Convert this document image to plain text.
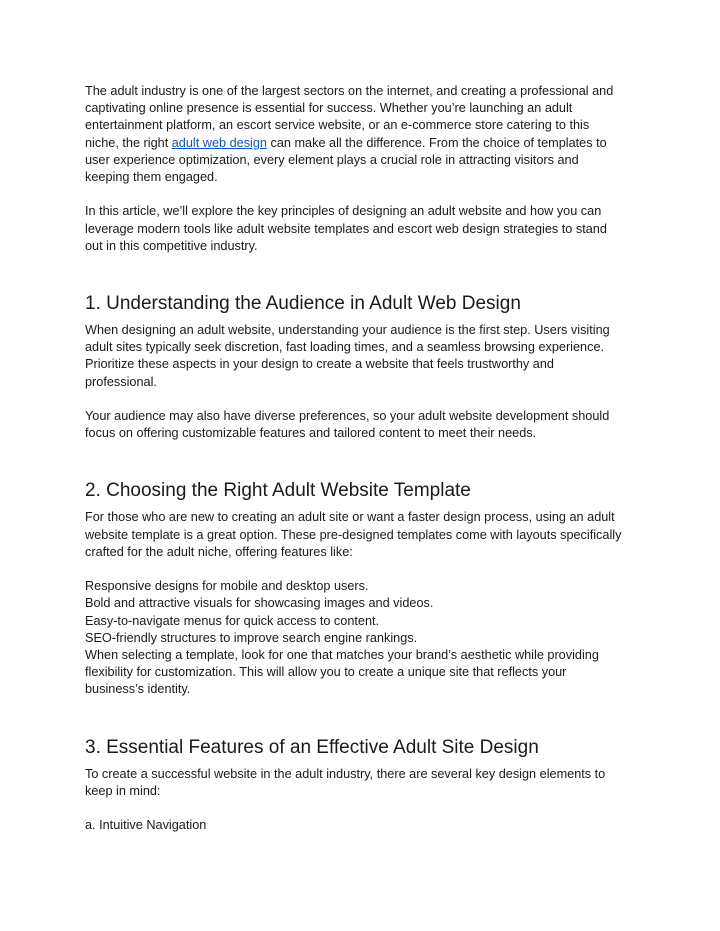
The adult industry is one of the largest sectors on the internet, and creating a professional and
captivating online presence is essential for success. Whether you’re launching an adult
entertainment platform, an escort service website, or an e-commerce store catering to this
niche, the right adult web design can make all the difference. From the choice of templates to
user experience optimization, every element plays a crucial role in attracting visitors and
keeping them engaged.
In this article, we’ll explore the key principles of designing an adult website and how you can
leverage modern tools like adult website templates and escort web design strategies to stand
out in this competitive industry.
1. Understanding the Audience in Adult Web Design
When designing an adult website, understanding your audience is the first step. Users visiting
adult sites typically seek discretion, fast loading times, and a seamless browsing experience.
Prioritize these aspects in your design to create a website that feels trustworthy and
professional.
Your audience may also have diverse preferences, so your adult website development should
focus on offering customizable features and tailored content to meet their needs.
2. Choosing the Right Adult Website Template
For those who are new to creating an adult site or want a faster design process, using an adult
website template is a great option. These pre-designed templates come with layouts specifically
crafted for the adult niche, offering features like:
Responsive designs for mobile and desktop users.
Bold and attractive visuals for showcasing images and videos.
Easy-to-navigate menus for quick access to content.
SEO-friendly structures to improve search engine rankings.
When selecting a template, look for one that matches your brand’s aesthetic while providing
flexibility for customization. This will allow you to create a unique site that reflects your
business’s identity.
3. Essential Features of an Effective Adult Site Design
To create a successful website in the adult industry, there are several key design elements to
keep in mind:
a. Intuitive Navigation
